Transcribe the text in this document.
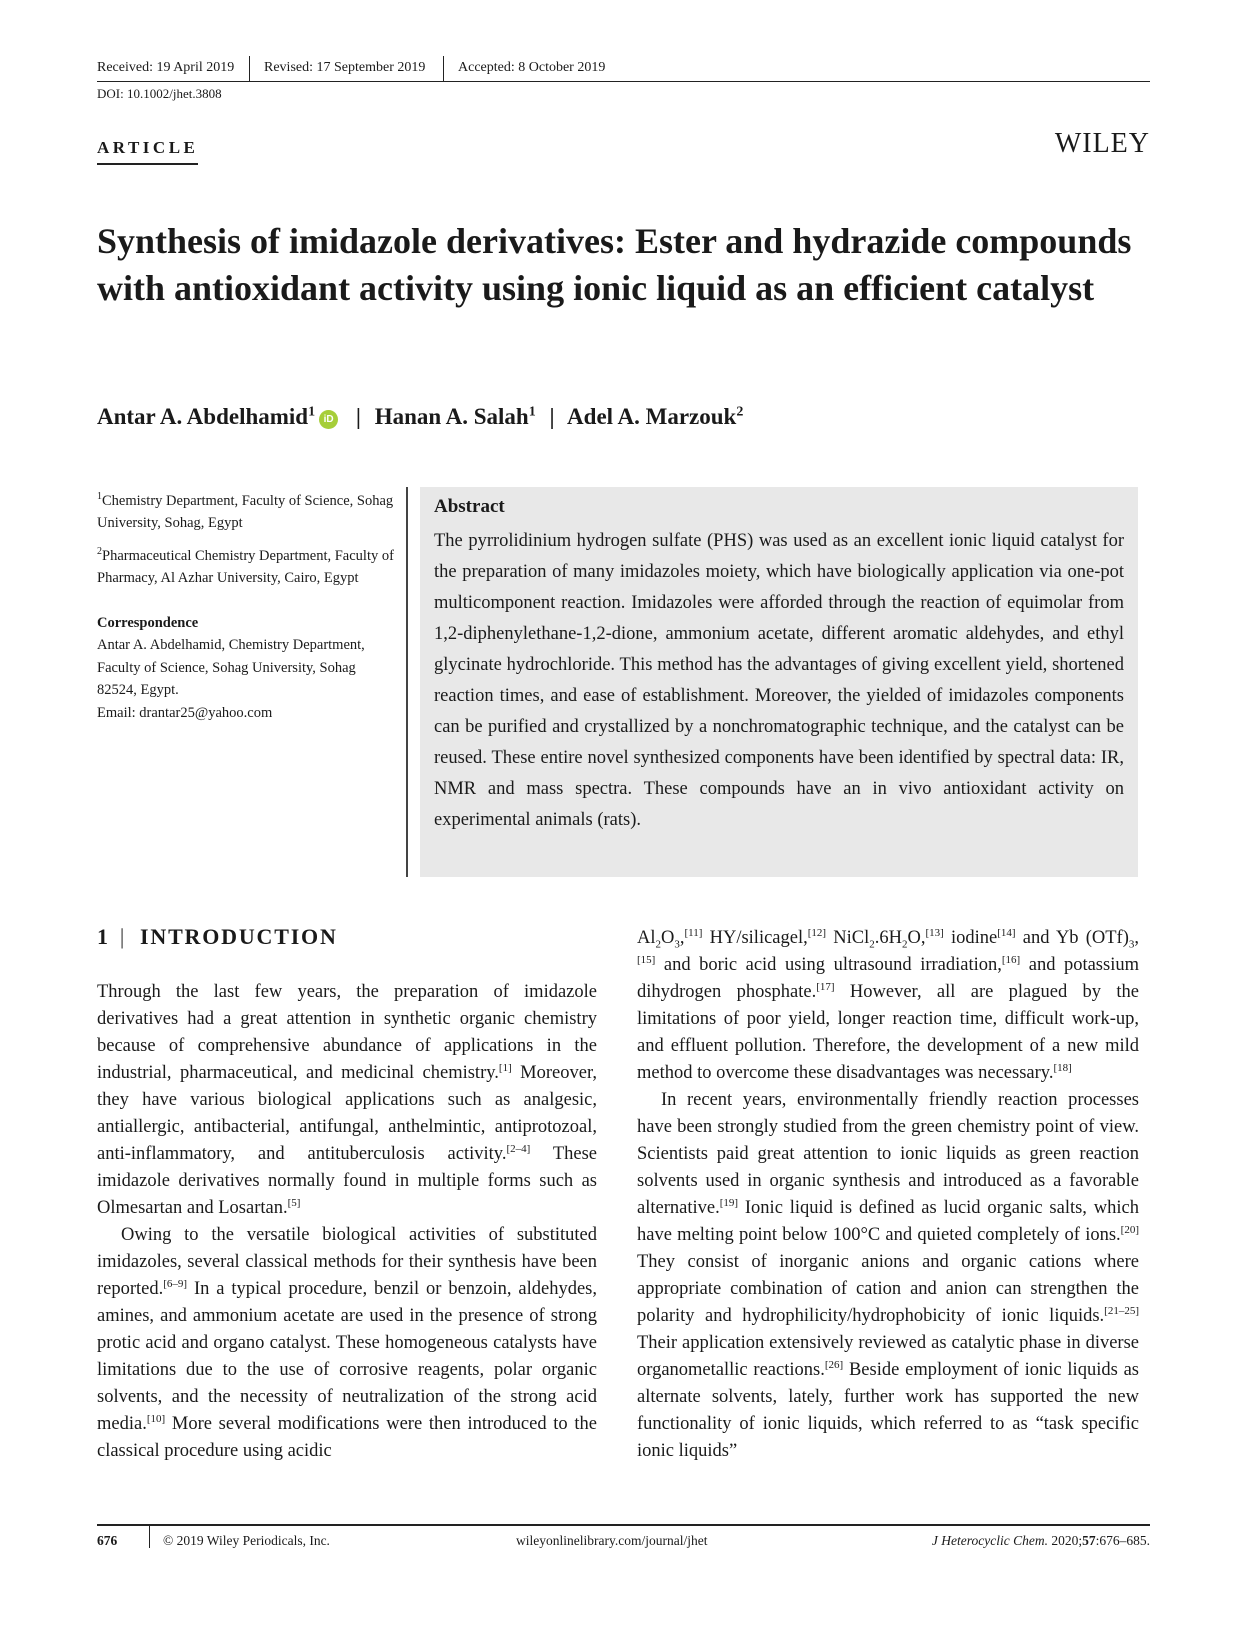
Received: 19 April 2019 Revised: 17 September 2019 Accepted: 8 October 2019
DOI: 10.1002/jhet.3808
ARTICLE	WILEY
Synthesis of imidazole derivatives: Ester and hydrazide compounds with antioxidant activity using ionic liquid as an efficient catalyst
Antar A. Abdelhamid$^1$iD | Hanan A. Salah$^1$ | Adel A. Marzouk$^2$

$^1$Chemistry Department, Faculty of Science, Sohag University, Sohag, Egypt

$^2$Pharmaceutical Chemistry Department, Faculty of Pharmacy, Al Azhar University, Cairo, Egypt

Correspondence

Antar A. Abdelhamid, Chemistry Department, Faculty of Science, Sohag University, Sohag 82524, Egypt.
Email: drantar25@yahoo.com

Abstract
The pyrrolidinium hydrogen sulfate (PHS) was used as an excellent ionic liquid catalyst for the preparation of many imidazoles moiety, which have biologically application via one-pot multicomponent reaction. Imidazoles were afforded through the reaction of equimolar from 1,2-diphenylethane-1,2-dione, ammonium acetate, different aromatic aldehydes, and ethyl glycinate hydrochloride. This method has the advantages of giving excellent yield, shortened reaction times, and ease of establishment. Moreover, the yielded of imidazoles components can be purified and crystallized by a nonchromatographic technique, and the catalyst can be reused. These entire novel synthesized components have been identified by spectral data: IR, NMR and mass spectra. These compounds have an in vivo antioxidant activity on experimental animals (rats).
1 | INTRODUCTION

Through the last few years, the preparation of imidazole derivatives had a great attention in synthetic organic chemistry because of comprehensive abundance of applications in the industrial, pharmaceutical, and medicinal chemistry.[1] Moreover, they have various biological applications such as analgesic, antiallergic, antibacterial, antifungal, anthelmintic, antiprotozoal, anti-inflammatory, and antituberculosis activity.[2–4] These imidazole derivatives normally found in multiple forms such as Olmesartan and Losartan.[5]

Owing to the versatile biological activities of substituted imidazoles, several classical methods for their synthesis have been reported.[6–9] In a typical procedure, benzil or benzoin, aldehydes, amines, and ammonium acetate are used in the presence of strong protic acid and organo catalyst. These homogeneous catalysts have limitations due to the use of corrosive reagents, polar organic solvents, and the necessity of neutralization of the strong acid media.[10] More several modifications were then introduced to the classical procedure using acidic

$Al_2O_3,[11]$ HY/silicagel,[12] $NiCl_2.6H_2O,[13]$ iodine[14] and Yb $(OTf)_3,[15]$ and boric acid using ultrasound irradiation,[16] and potassium dihydrogen phosphate.[17] However, all are plagued by the limitations of poor yield, longer reaction time, difficult work-up, and effluent pollution. Therefore, the development of a new mild method to overcome these disadvantages was necessary.[18]

In recent years, environmentally friendly reaction processes have been strongly studied from the green chemistry point of view. Scientists paid great attention to ionic liquids as green reaction solvents used in organic synthesis and introduced as a favorable alternative.[19] Ionic liquid is defined as lucid organic salts, which have melting point below 100°C and quieted completely of ions.[20] They consist of inorganic anions and organic cations where appropriate combination of cation and anion can strengthen the polarity and hydrophilicity/hydrophobicity of ionic liquids.[21–25] Their application extensively reviewed as catalytic phase in diverse organometallic reactions.[26] Beside employment of ionic liquids as alternate solvents, lately, further work has supported the new functionality of ionic liquids, which referred to as “task specific ionic liquids”

676	© 2019 Wiley Periodicals, Inc.	wileyonlinelibrary.com/journal/jhet	J Heterocyclic Chem. 2020;57:676–685.
